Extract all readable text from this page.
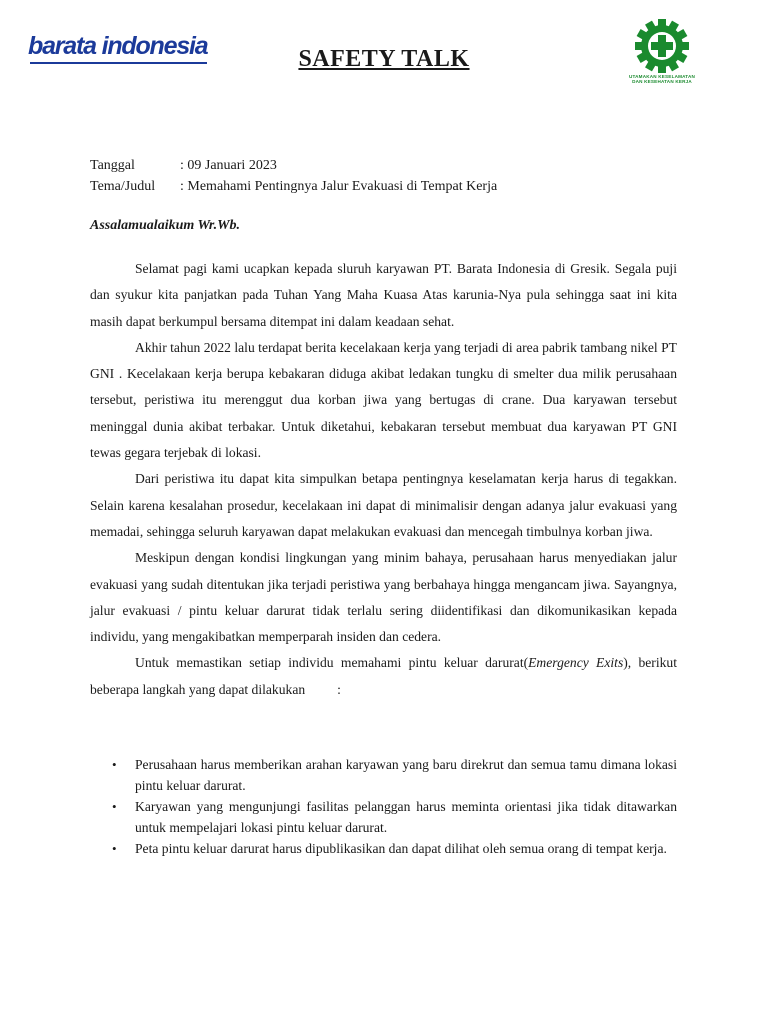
barata indonesia	SAFETY TALK
UTAMAKAN KESELAMATAN
DAN KESEHATAN KERJA
Tanggal	: 09 Januari 2023
Tema/Judul	: Memahami Pentingnya Jalur Evakuasi di Tempat Kerja
Assalamualaikum Wr.Wb.

Selamat pagi kami ucapkan kepada sluruh karyawan PT. Barata Indonesia di Gresik. Segala puji dan syukur kita panjatkan pada Tuhan Yang Maha Kuasa Atas karunia-Nya pula sehingga saat ini kita masih dapat berkumpul bersama ditempat ini dalam keadaan sehat.

Akhir tahun 2022 lalu terdapat berita kecelakaan kerja yang terjadi di area pabrik tambang nikel PT GNI . Kecelakaan kerja berupa kebakaran diduga akibat ledakan tungku di smelter dua milik perusahaan tersebut, peristiwa itu merenggut dua korban jiwa yang bertugas di crane. Dua karyawan tersebut meninggal dunia akibat terbakar. Untuk diketahui, kebakaran tersebut membuat dua karyawan PT GNI tewas gegara terjebak di lokasi.

Dari peristiwa itu dapat kita simpulkan betapa pentingnya keselamatan kerja harus di tegakkan. Selain karena kesalahan prosedur, kecelakaan ini dapat di minimalisir dengan adanya jalur evakuasi yang memadai, sehingga seluruh karyawan dapat melakukan evakuasi dan mencegah timbulnya korban jiwa.

Meskipun dengan kondisi lingkungan yang minim bahaya, perusahaan harus menyediakan jalur evakuasi yang sudah ditentukan jika terjadi peristiwa yang berbahaya hingga mengancam jiwa. Sayangnya, jalur evakuasi / pintu keluar darurat tidak terlalu sering diidentifikasi dan dikomunikasikan kepada individu, yang mengakibatkan memperparah insiden dan cedera.

Untuk memastikan setiap individu memahami pintu keluar darurat(Emergency Exits), berikut beberapa langkah yang dapat dilakukan :

• Perusahaan harus memberikan arahan karyawan yang baru direkrut dan semua tamu dimana lokasi pintu keluar darurat.
• Karyawan yang mengunjungi fasilitas pelanggan harus meminta orientasi jika tidak ditawarkan untuk mempelajari lokasi pintu keluar darurat.
• Peta pintu keluar darurat harus dipublikasikan dan dapat dilihat oleh semua orang di tempat kerja.
